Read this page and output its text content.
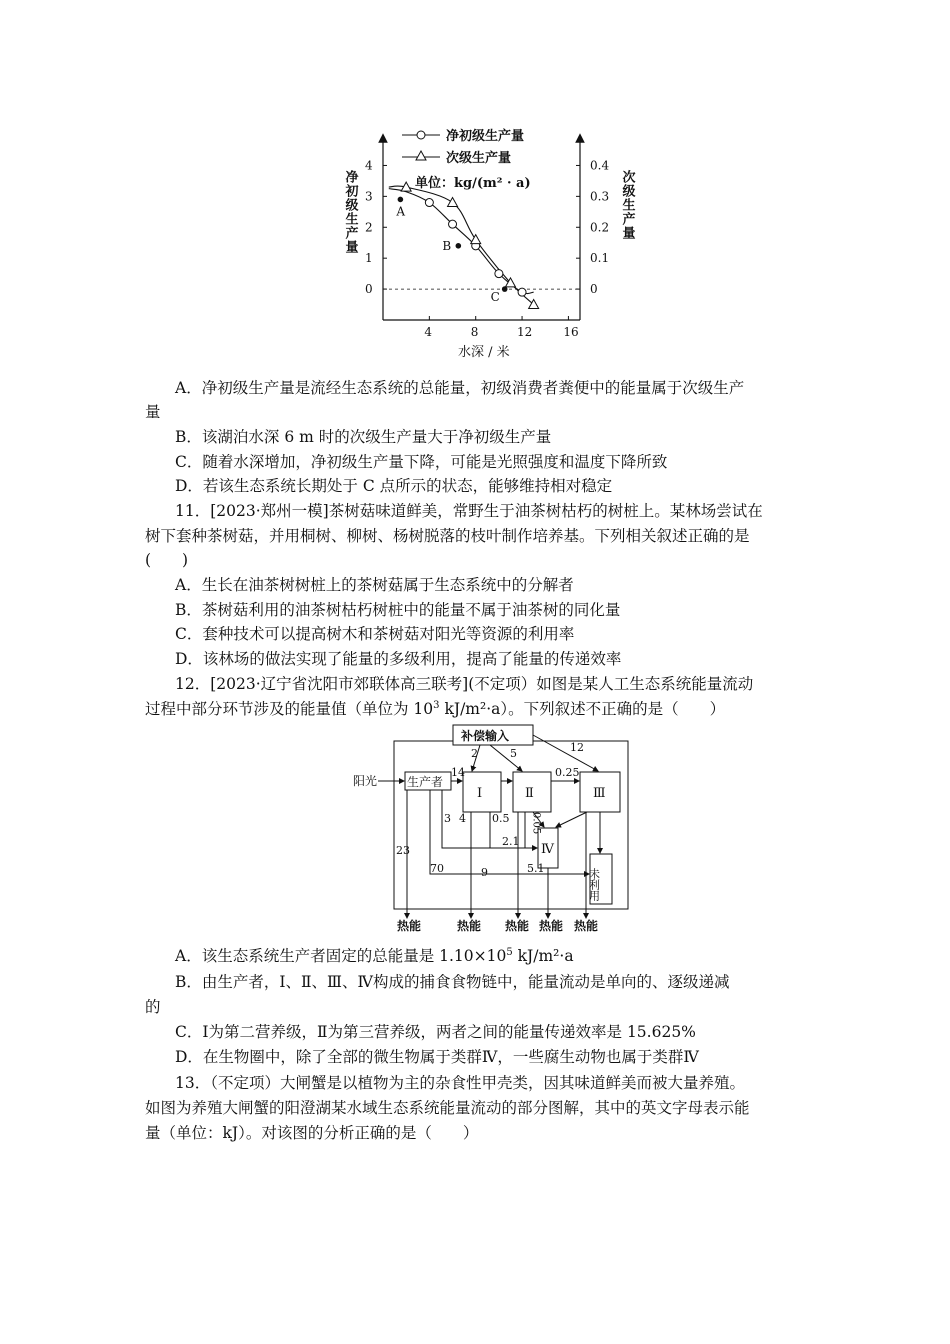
4	8	12	16
0
1
2
3
4
0
0.1
0.2
0.3
0.4
A
B
C
净初级生产量
次级生产量
单位：kg/(m² · a)
净初级生产量	次级生产量
水深 / 米
A．净初级生产量是流经生态系统的总能量，初级消费者粪便中的能量属于次级生产
量
B．该湖泊水深 6 m 时的次级生产量大于净初级生产量
C．随着水深增加，净初级生产量下降，可能是光照强度和温度下降所致
D．若该生态系统长期处于 C 点所示的状态，能够维持相对稳定
11．[2023·郑州一模]茶树菇味道鲜美，常野生于油茶树枯朽的树桩上。某林场尝试在
树下套种茶树菇，并用桐树、柳树、杨树脱落的枝叶制作培养基。下列相关叙述正确的是
(　　)
A．生长在油茶树树桩上的茶树菇属于生态系统中的分解者
B．茶树菇利用的油茶树枯朽树桩中的能量不属于油茶树的同化量
C．套种技术可以提高树木和茶树菇对阳光等资源的利用率
D．该林场的做法实现了能量的多级利用，提高了能量的传递效率
12．[2023·辽宁省沈阳市郊联体高三联考](不定项）如图是某人工生态系统能量流动
过程中部分环节涉及的能量值（单位为 $10^3$ kJ/m²·a）。下列叙述不正确的是（　　）
补偿输入
阳光 生产者
Ⅰ	Ⅱ	Ⅲ
Ⅳ
未利用
12
2	5
14	0.25
3 4 0.5 0.05
2.1
23
70	9	5.1
热能	热能 热能 热能 热能
A．该生态系统生产者固定的总能量是 $1.10\times 10^5$ kJ/m²·a
B．由生产者，Ⅰ、Ⅱ、Ⅲ、Ⅳ构成的捕食食物链中，能量流动是单向的、逐级递减
的
C．Ⅰ为第二营养级，Ⅱ为第三营养级，两者之间的能量传递效率是 15.625%
D．在生物圈中，除了全部的微生物属于类群Ⅳ，一些腐生动物也属于类群Ⅳ
13．（不定项）大闸蟹是以植物为主的杂食性甲壳类，因其味道鲜美而被大量养殖。
如图为养殖大闸蟹的阳澄湖某水域生态系统能量流动的部分图解，其中的英文字母表示能
量（单位：kJ）。对该图的分析正确的是（　　）
